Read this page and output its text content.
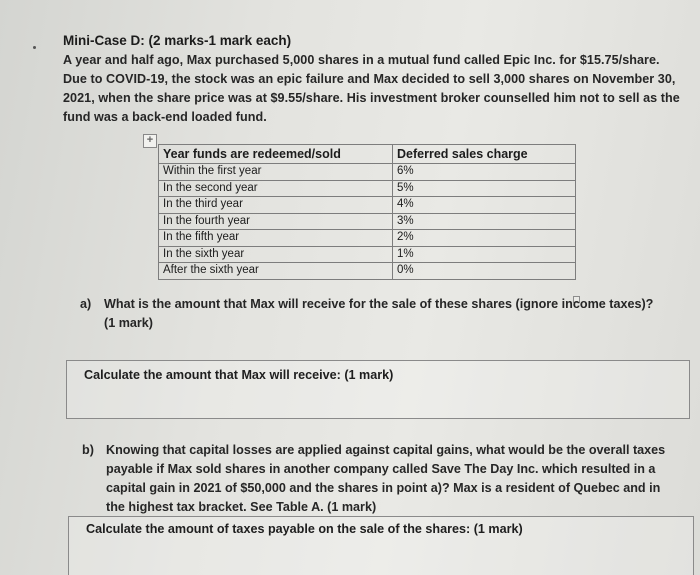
Mini-Case D: (2 marks-1 mark each)
A year and half ago, Max purchased 5,000 shares in a mutual fund called Epic Inc. for $15.75/share.
Due to COVID-19, the stock was an epic failure and Max decided to sell 3,000 shares on November 30,
2021, when the share price was at $9.55/share. His investment broker counselled him not to sell as the
fund was a back-end loaded fund.
+
Year funds are redeemed/sold	Deferred sales charge
Within the first year	6%
In the second year	5%
In the third year	4%
In the fourth year	3%
In the fifth year	2%
In the sixth year	1%
After the sixth year	0%
a) What is the amount that Max will receive for the sale of these shares (ignore income taxes)?
(1 mark)
Calculate the amount that Max will receive: (1 mark)
b) Knowing that capital losses are applied against capital gains, what would be the overall taxes
payable if Max sold shares in another company called Save The Day Inc. which resulted in a
capital gain in 2021 of $50,000 and the shares in point a)? Max is a resident of Quebec and in
the highest tax bracket. See Table A. (1 mark)
Calculate the amount of taxes payable on the sale of the shares: (1 mark)
